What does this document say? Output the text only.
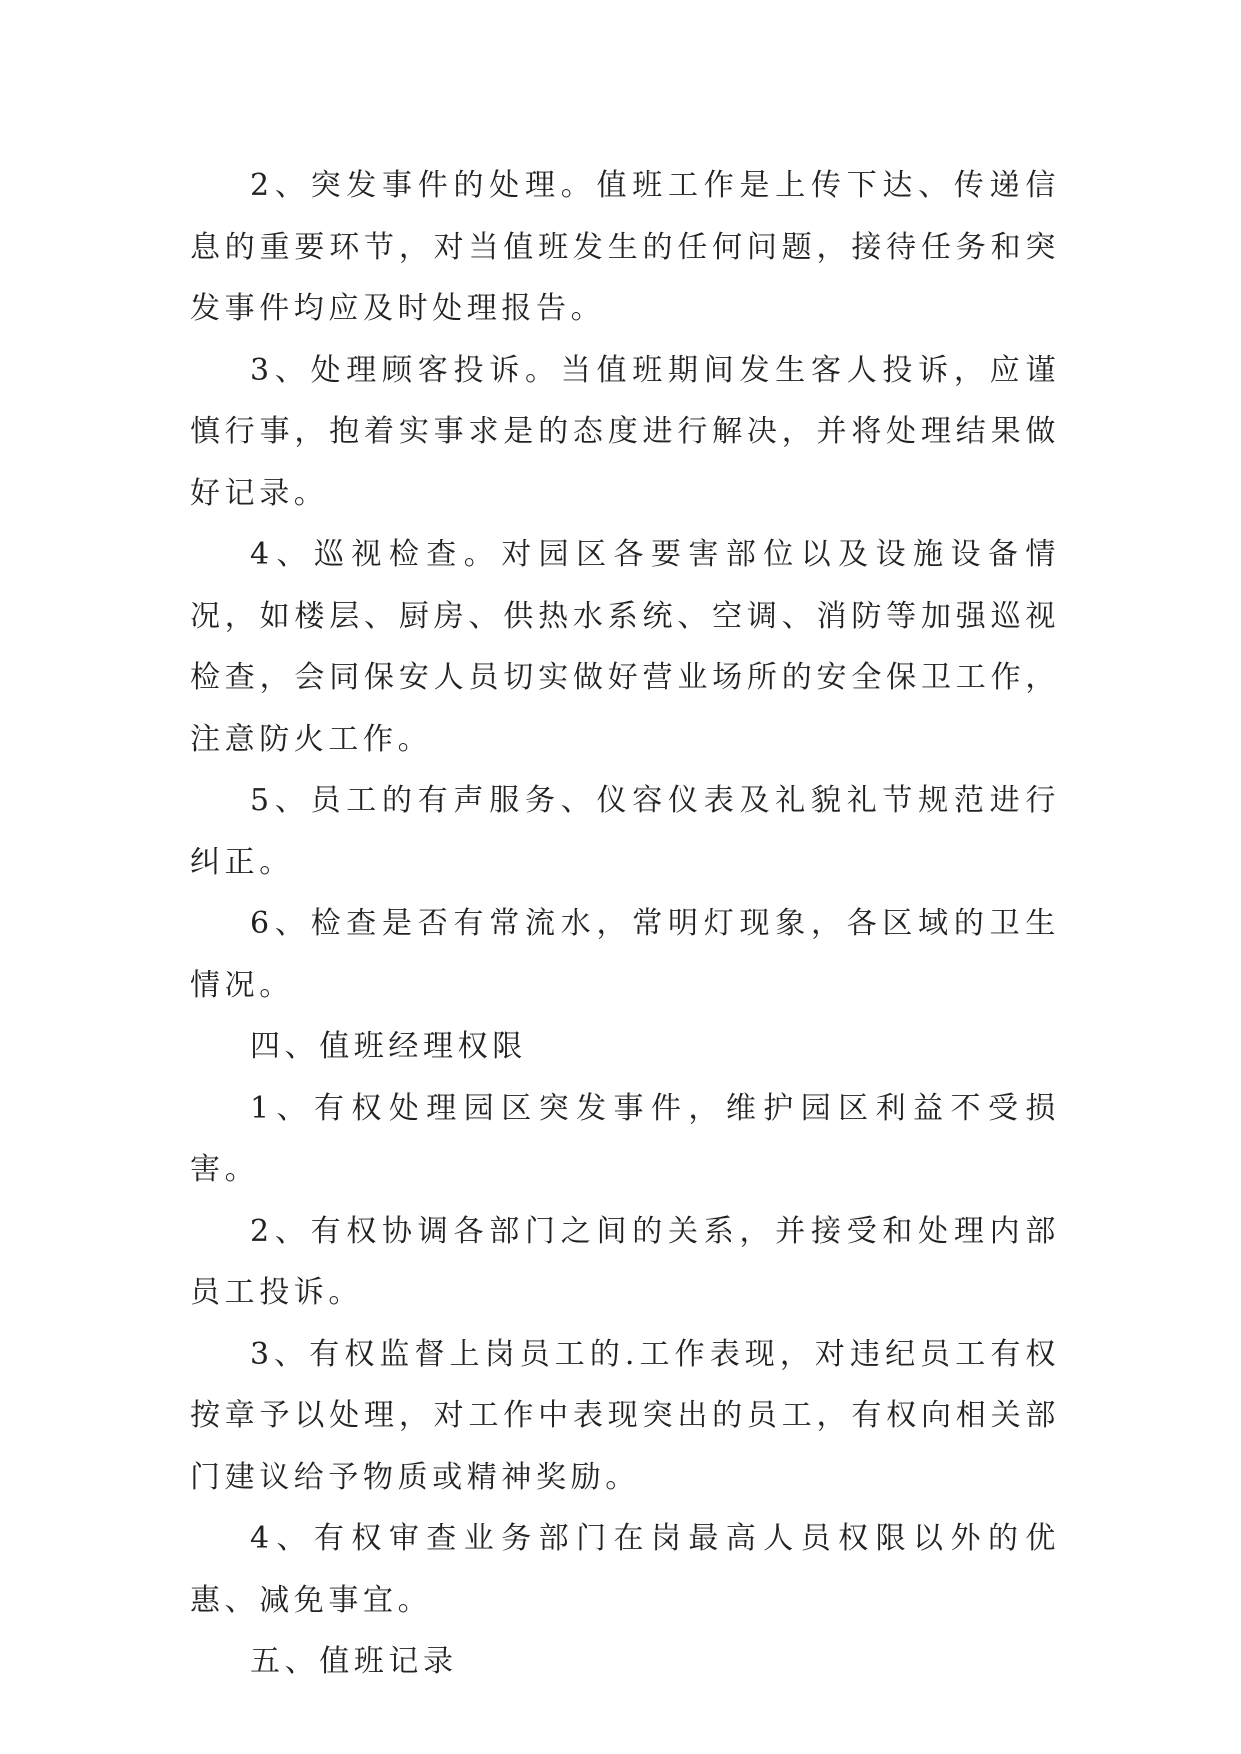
2、突发事件的处理。值班工作是上传下达、传递信息的重要环节，对当值班发生的任何问题，接待任务和突发事件均应及时处理报告。

3、处理顾客投诉。当值班期间发生客人投诉，应谨慎行事，抱着实事求是的态度进行解决，并将处理结果做好记录。

4、巡视检查。对园区各要害部位以及设施设备情况，如楼层、厨房、供热水系统、空调、消防等加强巡视检查，会同保安人员切实做好营业场所的安全保卫工作，注意防火工作。

5、员工的有声服务、仪容仪表及礼貌礼节规范进行纠正。

6、检查是否有常流水，常明灯现象，各区域的卫生情况。

四、值班经理权限

1、有权处理园区突发事件，维护园区利益不受损害。

2、有权协调各部门之间的关系，并接受和处理内部员工投诉。

3、有权监督上岗员工的.工作表现，对违纪员工有权按章予以处理，对工作中表现突出的员工，有权向相关部门建议给予物质或精神奖励。

4、有权审查业务部门在岗最高人员权限以外的优惠、减免事宜。

五、值班记录
